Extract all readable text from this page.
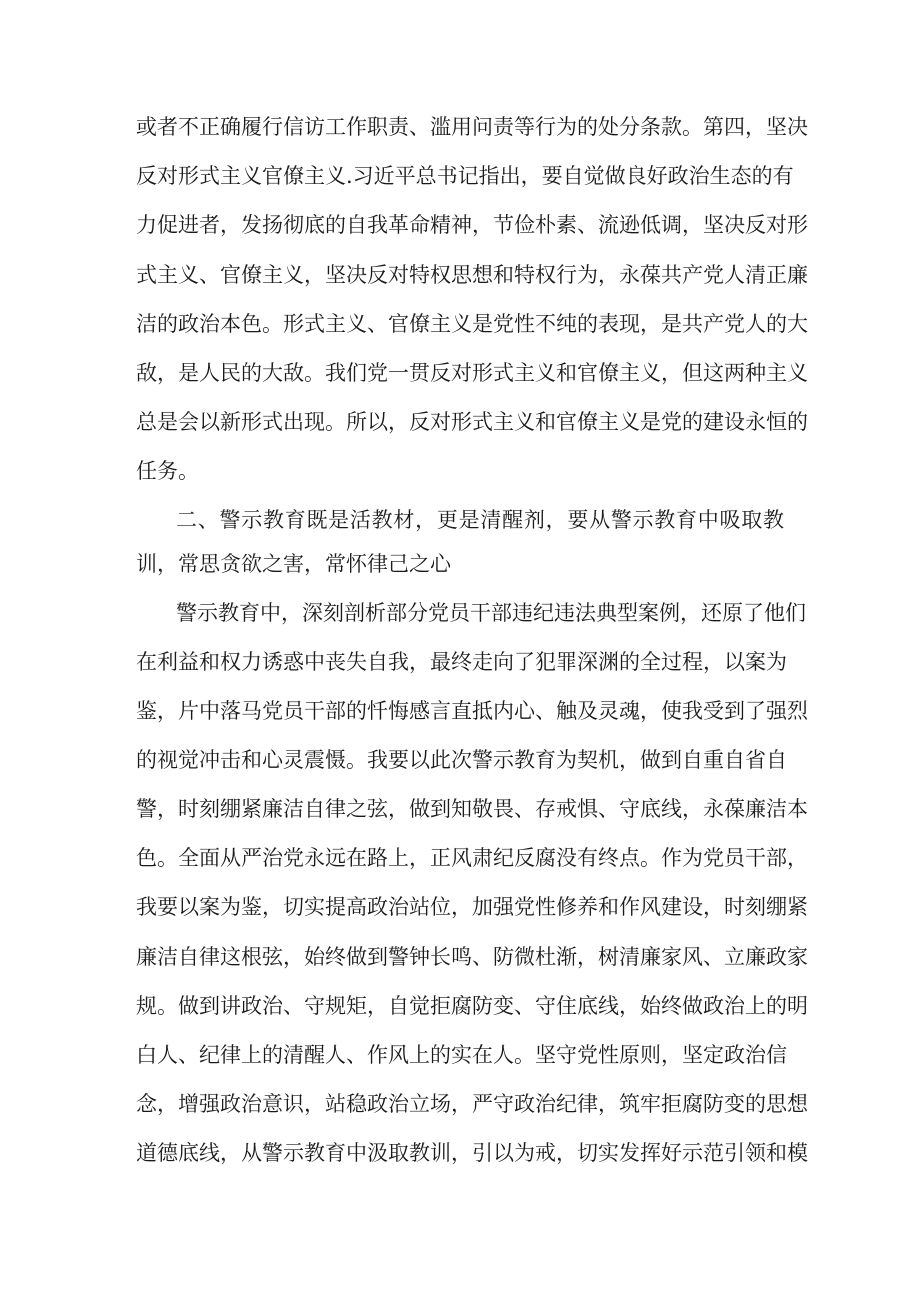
或者不正确履行信访工作职责、滥用问责等行为的处分条款。第四，坚决
反对形式主义官僚主义.习近平总书记指出，要自觉做良好政治生态的有
力促进者，发扬彻底的自我革命精神，节俭朴素、流逊低调，坚决反对形
式主义、官僚主义，坚决反对特权思想和特权行为，永葆共产党人清正廉
洁的政治本色。形式主义、官僚主义是党性不纯的表现，是共产党人的大
敌，是人民的大敌。我们党一贯反对形式主义和官僚主义，但这两种主义
总是会以新形式出现。所以，反对形式主义和官僚主义是党的建设永恒的
任务。
二、警示教育既是活教材，更是清醒剂，要从警示教育中吸取教
训，常思贪欲之害，常怀律己之心
警示教育中，深刻剖析部分党员干部违纪违法典型案例，还原了他们
在利益和权力诱惑中丧失自我，最终走向了犯罪深渊的全过程，以案为
鉴，片中落马党员干部的忏悔感言直抵内心、触及灵魂，使我受到了强烈
的视觉冲击和心灵震慑。我要以此次警示教育为契机，做到自重自省自
警，时刻绷紧廉洁自律之弦，做到知敬畏、存戒惧、守底线，永葆廉洁本
色。全面从严治党永远在路上，正风肃纪反腐没有终点。作为党员干部，
我要以案为鉴，切实提高政治站位，加强党性修养和作风建设，时刻绷紧
廉洁自律这根弦，始终做到警钟长鸣、防微杜渐，树清廉家风、立廉政家
规。做到讲政治、守规矩，自觉拒腐防变、守住底线，始终做政治上的明
白人、纪律上的清醒人、作风上的实在人。坚守党性原则，坚定政治信
念，增强政治意识，站稳政治立场，严守政治纪律，筑牢拒腐防变的思想
道德底线，从警示教育中汲取教训，引以为戒，切实发挥好示范引领和模
